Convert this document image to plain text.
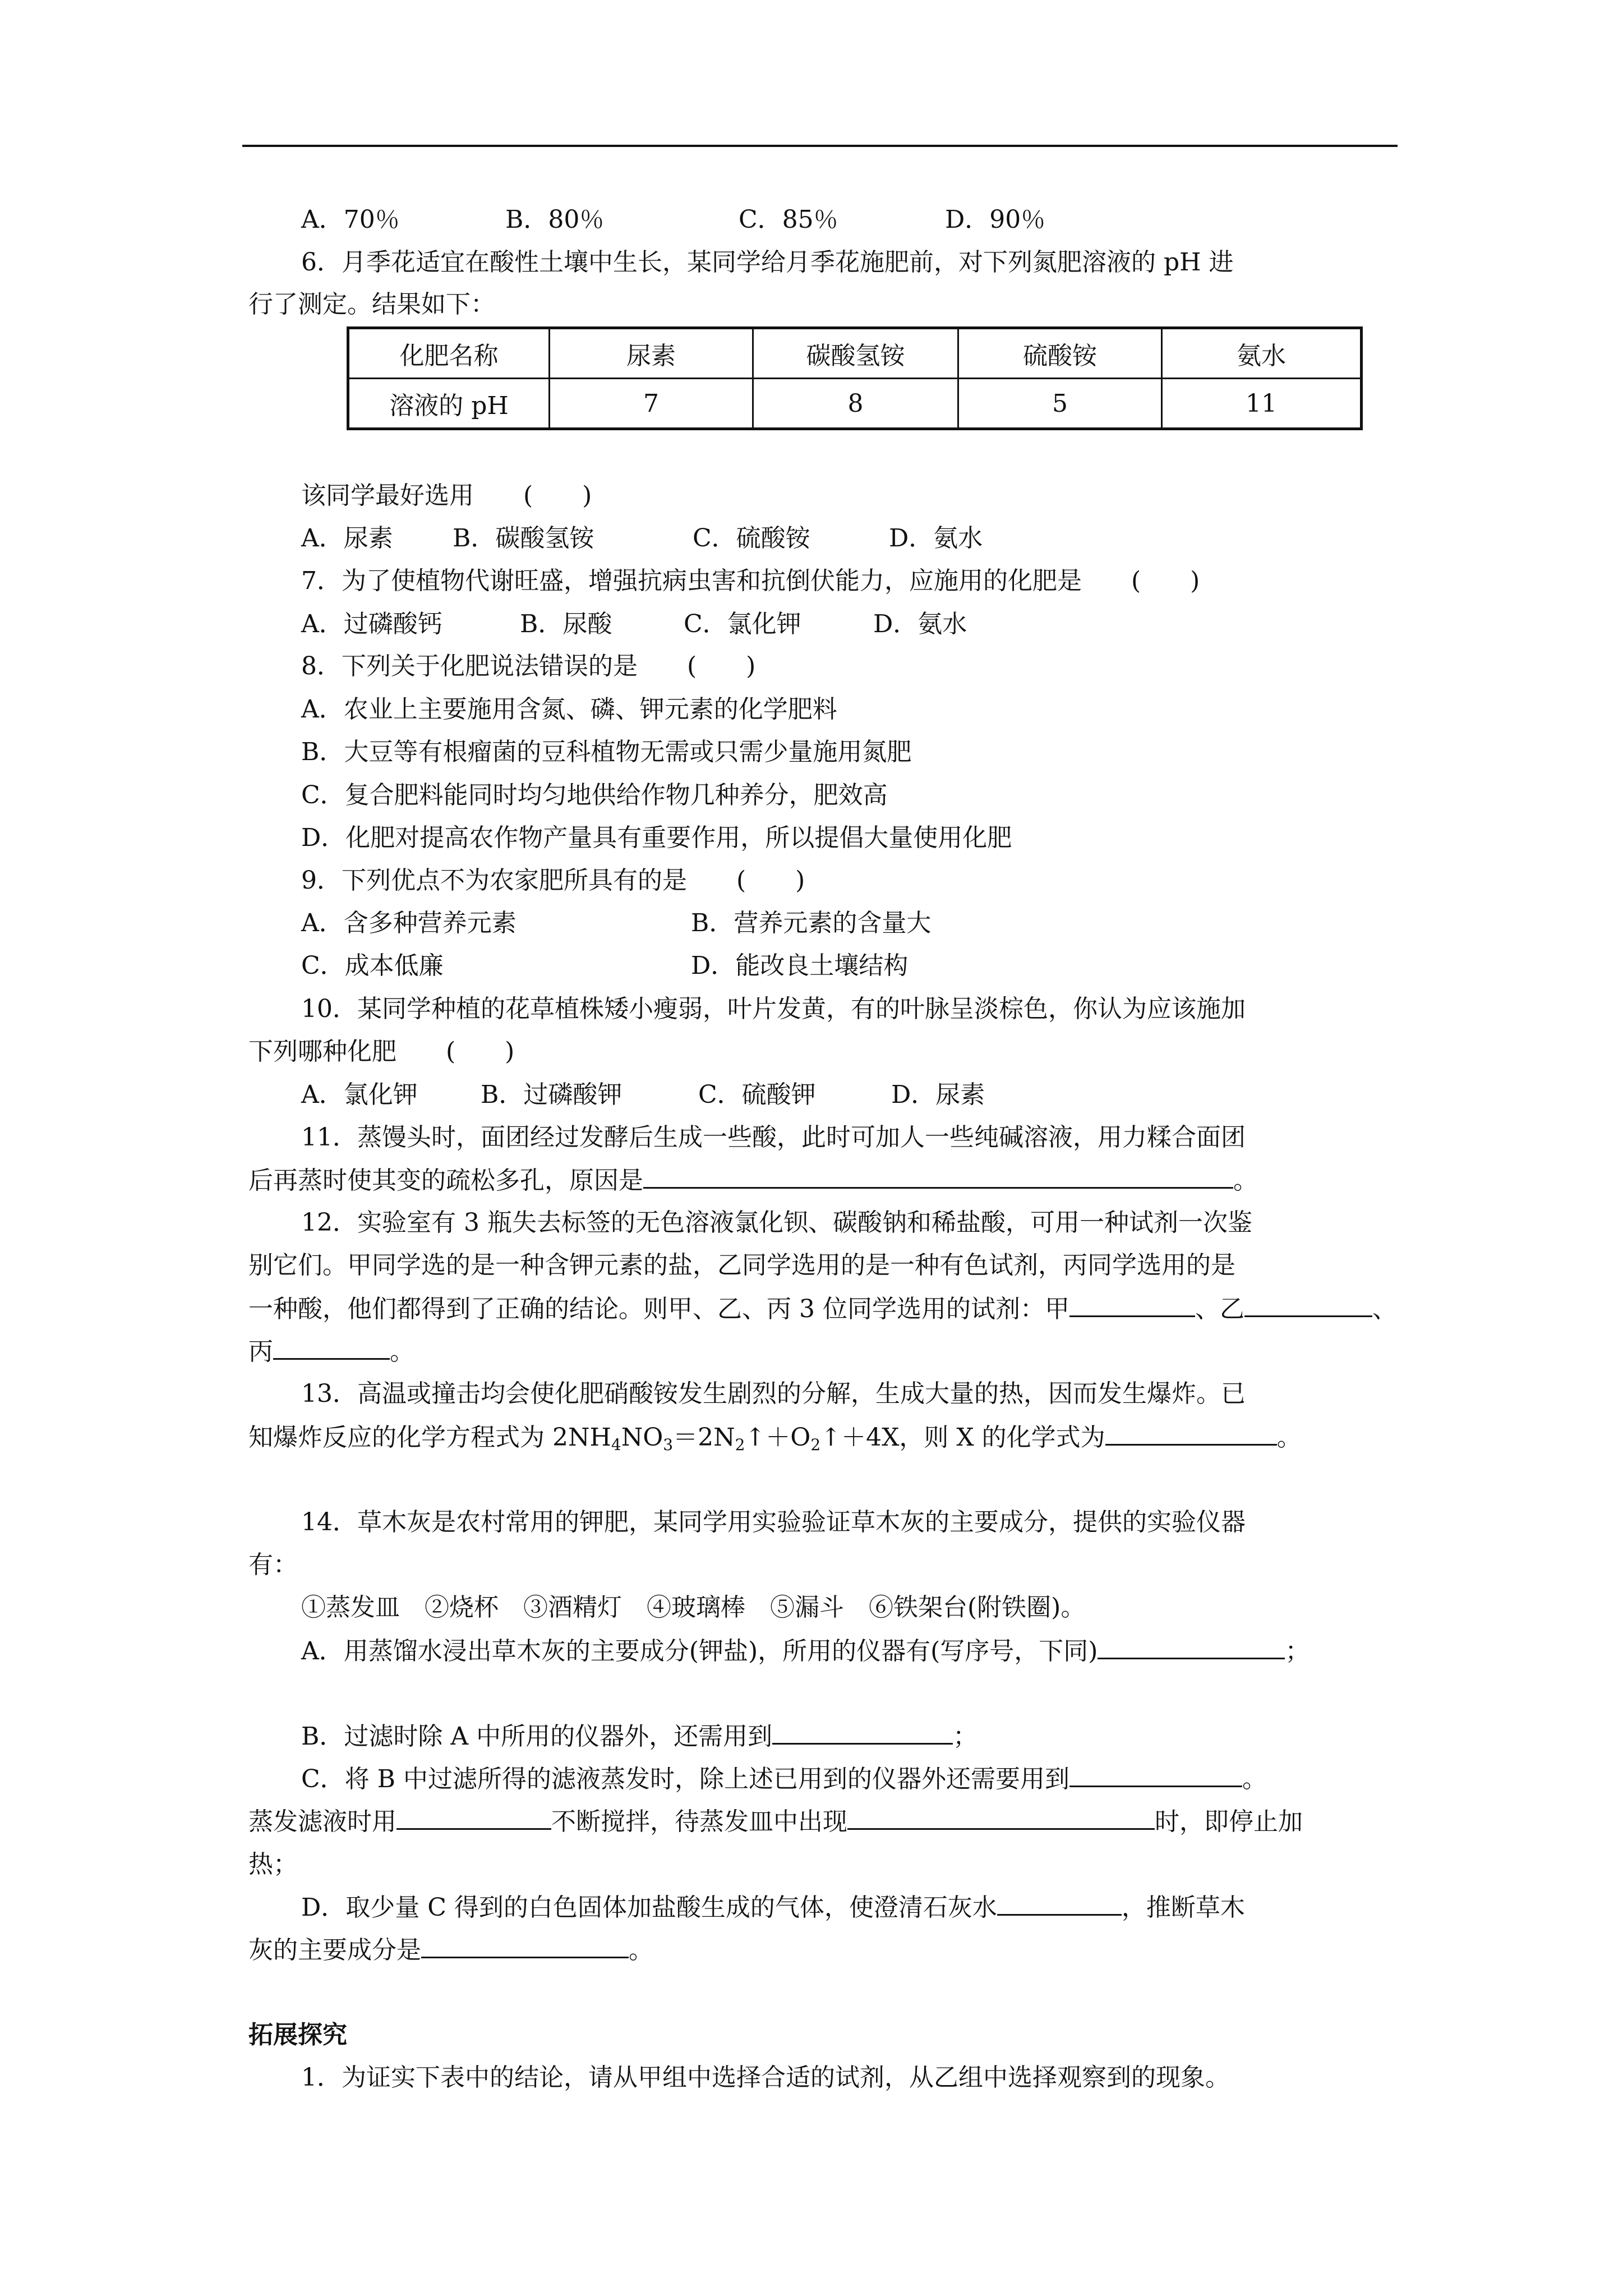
A．70％	B．80％	C．85％	D．90％
6．月季花适宜在酸性土壤中生长，某同学给月季花施肥前，对下列氮肥溶液的 pH 进
行了测定。结果如下：
化肥名称	尿素	碳酸氢铵	硫酸铵	氨水
溶液的 pH	7	8	5	11
该同学最好选用　　(　　)
A．尿素 B．碳酸氢铵	C．硫酸铵	D．氨水
7．为了使植物代谢旺盛，增强抗病虫害和抗倒伏能力，应施用的化肥是　　(　　)
A．过磷酸钙	B．尿酸	C．氯化钾	D．氨水
8．下列关于化肥说法错误的是　　(　　)
A．农业上主要施用含氮、磷、钾元素的化学肥料
B．大豆等有根瘤菌的豆科植物无需或只需少量施用氮肥
C．复合肥料能同时均匀地供给作物几种养分，肥效高
D．化肥对提高农作物产量具有重要作用，所以提倡大量使用化肥
9．下列优点不为农家肥所具有的是　　(　　)
A．含多种营养元素	B．营养元素的含量大
C．成本低廉	D．能改良土壤结构
10．某同学种植的花草植株矮小瘦弱，叶片发黄，有的叶脉呈淡棕色，你认为应该施加
下列哪种化肥　　(　　)
A．氯化钾	B．过磷酸钾	C．硫酸钾	D．尿素
11．蒸馒头时，面团经过发酵后生成一些酸，此时可加人一些纯碱溶液，用力糅合面团
后再蒸时使其变的疏松多孔，原因是	。
12．实验室有 3 瓶失去标签的无色溶液氯化钡、碳酸钠和稀盐酸，可用一种试剂一次鉴
别它们。甲同学选的是一种含钾元素的盐，乙同学选用的是一种有色试剂，丙同学选用的是
一种酸，他们都得到了正确的结论。则甲、乙、丙 3 位同学选用的试剂：甲	、乙	、
丙	。
13．高温或撞击均会使化肥硝酸铵发生剧烈的分解，生成大量的热，因而发生爆炸。已
知爆炸反应的化学方程式为 $2NH_4NO_3=2N_2↑+O_2↑+4X$，则 X 的化学式为	。
14．草木灰是农村常用的钾肥，某同学用实验验证草木灰的主要成分，提供的实验仪器
有：
①蒸发皿　②烧杯　③酒精灯　④玻璃棒　⑤漏斗　⑥铁架台(附铁圈)。
A．用蒸馏水浸出草木灰的主要成分(钾盐)，所用的仪器有(写序号，下同)	；
B．过滤时除 A 中所用的仪器外，还需用到	；
C．将 B 中过滤所得的滤液蒸发时，除上述已用到的仪器外还需要用到	。
蒸发滤液时用	不断搅拌，待蒸发皿中出现	时，即停止加
热；
D．取少量 C 得到的白色固体加盐酸生成的气体，使澄清石灰水	，推断草木
灰的主要成分是	。
拓展探究
1．为证实下表中的结论，请从甲组中选择合适的试剂，从乙组中选择观察到的现象。
